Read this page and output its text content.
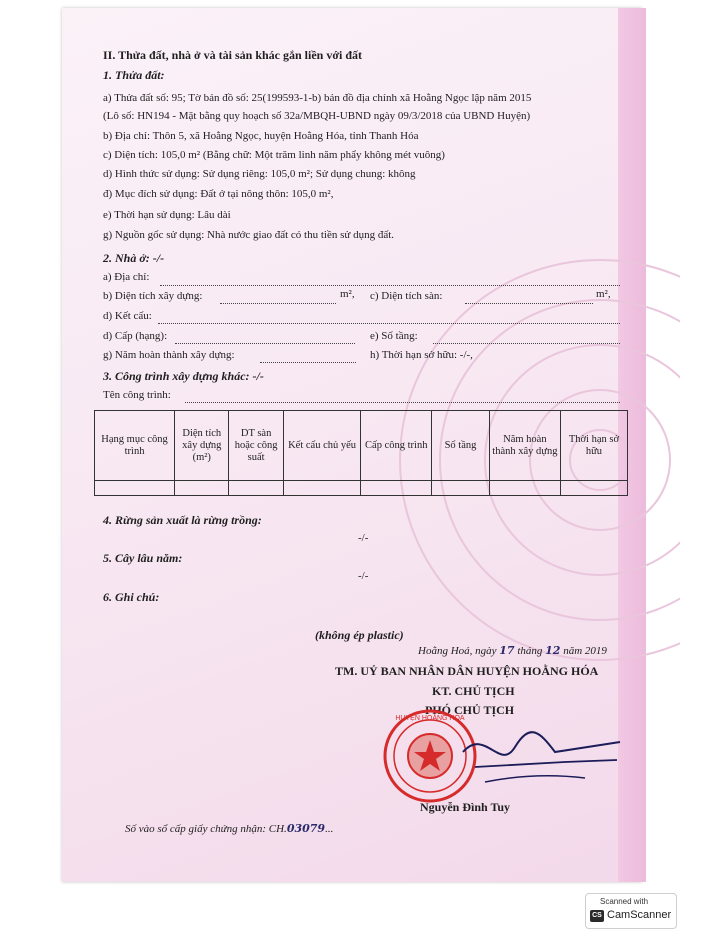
II. Thửa đất, nhà ở và tài sản khác gắn liền với đất
1. Thửa đất:
a) Thửa đất số: 95; Tờ bản đồ số: 25(199593-1-b) bản đồ địa chính xã Hoằng Ngọc lập năm 2015
(Lô số: HN194 - Mặt bằng quy hoạch số 32a/MBQH-UBND ngày 09/3/2018 của UBND Huyện)
b) Địa chỉ: Thôn 5, xã Hoằng Ngọc, huyện Hoằng Hóa, tỉnh Thanh Hóa
c) Diện tích: 105,0 m² (Bằng chữ: Một trăm linh năm phẩy không mét vuông)
d) Hình thức sử dụng: Sử dụng riêng: 105,0 m²; Sử dụng chung: không
đ) Mục đích sử dụng: Đất ở tại nông thôn: 105,0 m²,
e) Thời hạn sử dụng: Lâu dài
g) Nguồn gốc sử dụng: Nhà nước giao đất có thu tiền sử dụng đất.
2. Nhà ở: -/-
a) Địa chỉ:
b) Diện tích xây dựng:	m², c) Diện tích sàn:	m²,
d) Kết cấu:
d) Cấp (hạng):	e) Số tầng:
g) Năm hoàn thành xây dựng:	h) Thời hạn sở hữu: -/-,
3. Công trình xây dựng khác: -/-
Tên công trình:
Hạng mục công trình	Diện tích xây dựng (m²)	DT sàn hoặc công suất	Kết cấu chủ yếu	Cấp công trình	Số tầng	Năm hoàn thành xây dựng	Thời hạn sở hữu

4. Rừng sản xuất là rừng trồng:
-/-
5. Cây lâu năm:
-/-
6. Ghi chú:
(không ép plastic)
Hoằng Hoá, ngày 17 tháng 12 năm 2019
TM. UỶ BAN NHÂN DÂN HUYỆN HOẰNG HÓA
KT. CHỦ TỊCH
PHÓ CHỦ TỊCH
HUYỆN HOẰNG HÓA
Nguyễn Đình Tuy
Số vào sổ cấp giấy chứng nhận: CH.03079...
Scanned with
CS CamScanner
